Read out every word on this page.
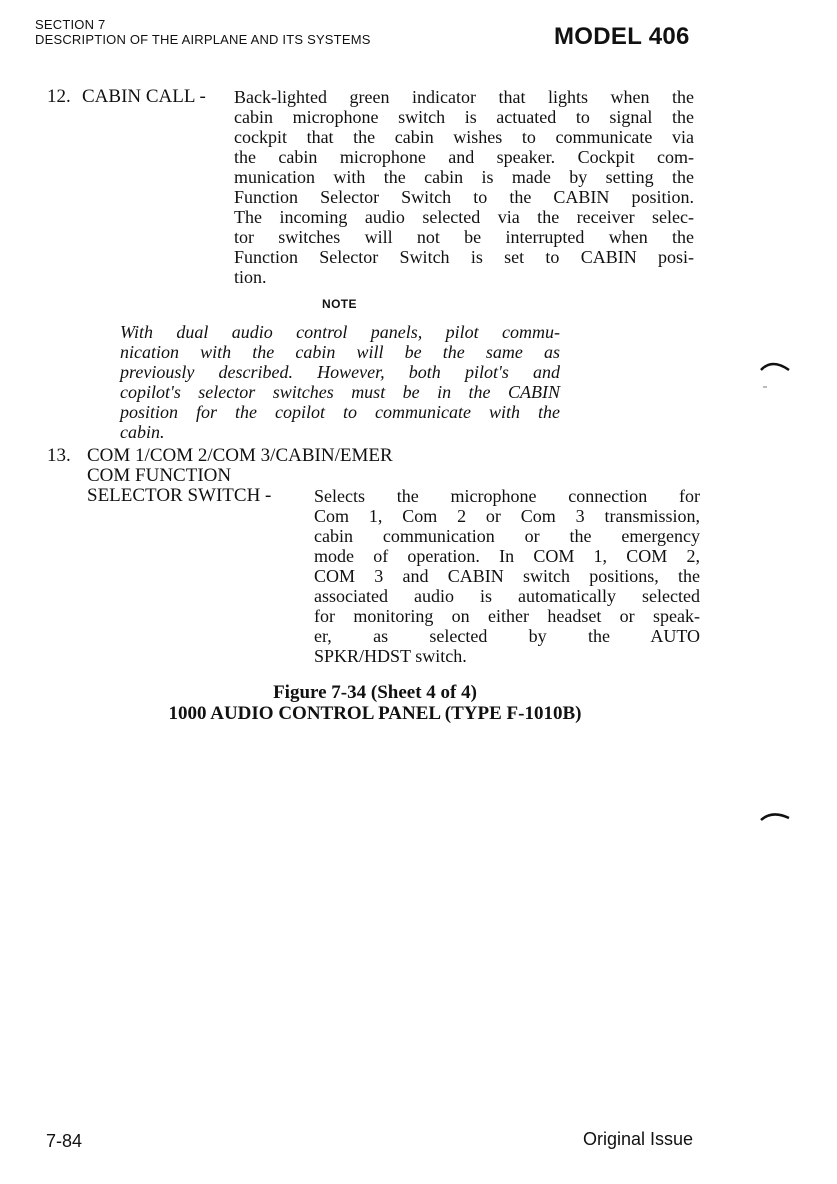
SECTION 7
DESCRIPTION OF THE AIRPLANE AND ITS SYSTEMS	MODEL 406
12. CABIN CALL - Back-lighted green indicator that lights when the
cabin microphone switch is actuated to signal the
cockpit that the cabin wishes to communicate via
the cabin microphone and speaker. Cockpit com-
munication with the cabin is made by setting the
Function Selector Switch to the CABIN position.
The incoming audio selected via the receiver selec-
tor switches will not be interrupted when the
Function Selector Switch is set to CABIN posi-
tion.
NOTE
With dual audio control panels, pilot commu-
nication with the cabin will be the same as
previously described. However, both pilot's and
copilot's selector switches must be in the CABIN
position for the copilot to communicate with the
cabin.
13. COM 1/COM 2/COM 3/CABIN/EMER
COM FUNCTION
SELECTOR SWITCH - Selects the microphone connection for
Com 1, Com 2 or Com 3 transmission,
cabin communication or the emergency
mode of operation. In COM 1, COM 2,
COM 3 and CABIN switch positions, the
associated audio is automatically selected
for monitoring on either headset or speak-
er, as selected by the AUTO
SPKR/HDST switch.
Figure 7-34 (Sheet 4 of 4)
1000 AUDIO CONTROL PANEL (TYPE F-1010B)
7-84	Original Issue
